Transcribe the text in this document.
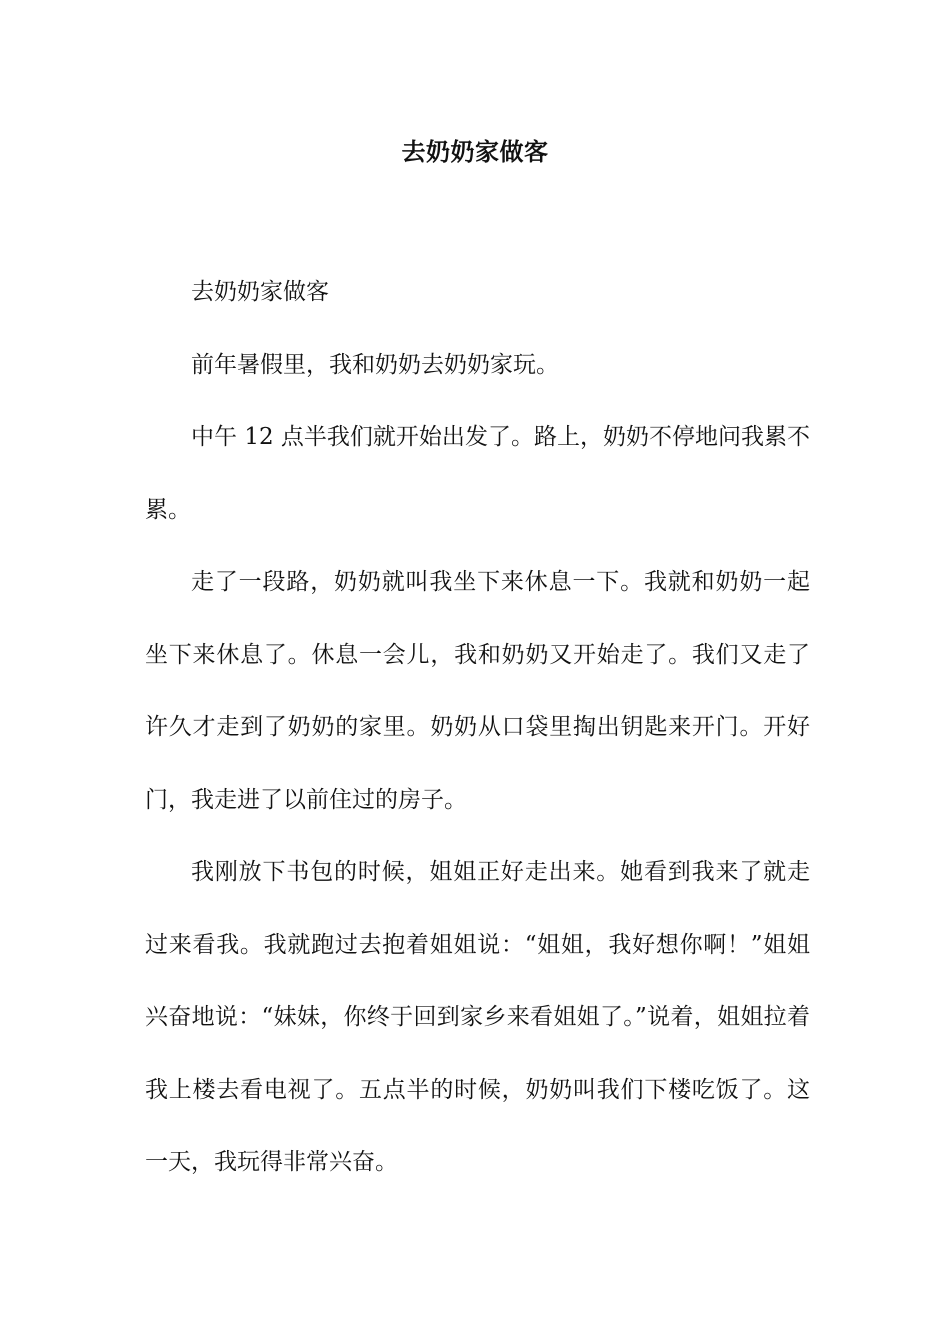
去奶奶家做客

去奶奶家做客

前年暑假里，我和奶奶去奶奶家玩。

中午 12 点半我们就开始出发了。路上，奶奶不停地问我累不累。

走了一段路，奶奶就叫我坐下来休息一下。我就和奶奶一起坐下来休息了。休息一会儿，我和奶奶又开始走了。我们又走了许久才走到了奶奶的家里。奶奶从口袋里掏出钥匙来开门。开好门，我走进了以前住过的房子。

我刚放下书包的时候，姐姐正好走出来。她看到我来了就走过来看我。我就跑过去抱着姐姐说：“姐姐，我好想你啊！”姐姐兴奋地说：“妹妹，你终于回到家乡来看姐姐了。”说着，姐姐拉着我上楼去看电视了。五点半的时候，奶奶叫我们下楼吃饭了。这一天，我玩得非常兴奋。
